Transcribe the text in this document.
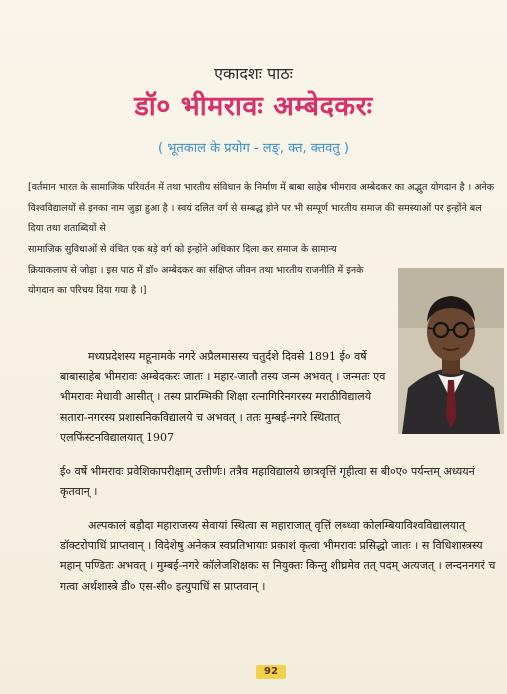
एकादशः पाठः
डॉ० भीमरावः अम्बेदकरः
( भूतकाल के प्रयोग - लङ्, क्त, क्तवतु )
[वर्तमान भारत के सामाजिक परिवर्तन में तथा भारतीय संविधान के निर्माण में बाबा साहेब भीमराव अम्बेदकर का अद्भुत योगदान है । अनेक विश्वविद्यालयों से इनका नाम जुड़ा हुआ है । स्वयं दलित वर्ग से सम्बद्ध होने पर भी सम्पूर्ण भारतीय समाज की समस्याओं पर इन्होंने बल दिया तथा शताब्दियों से
सामाजिक सुविधाओं से वंचित एक बड़े वर्ग को इन्होंने अधिकार दिला कर समाज के सामान्य क्रियाकलाप से जोड़ा । इस पाठ में डॉ० अम्बेदकर का संक्षिप्त जीवन तथा भारतीय राजनीति में इनके योगदान का परिचय दिया गया है ।]
मध्यप्रदेशस्य महूनामके नगरे अप्रैलमासस्य चतुर्दशे दिवसे 1891 ई० वर्षे बाबासाहेब भीमरावः अम्बेदकरः जातः । महार-जातौ तस्य जन्म अभवत् । जन्मतः एव भीमरावः मेधावी आसीत् । तस्य प्रारम्भिकी शिक्षा रत्नागिरिनगरस्य मराठीविद्यालये सतारा-नगरस्य प्रशासनिकविद्यालये च अभवत् । ततः मुम्बई-नगरे स्थितात् एलफिंस्टनविद्यालयात् 1907
ई० वर्षे भीमरावः प्रवेशिकापरीक्षाम् उत्तीर्णः। तत्रैव महाविद्यालये छात्रवृत्तिं गृहीत्वा स बी०ए० पर्यन्तम् अध्ययनं कृतवान् ।
अल्पकालं बड़ौदा महाराजस्य सेवायां स्थित्वा स महाराजात् वृत्तिं लब्ध्वा कोलम्बियाविश्वविद्यालयात् डॉक्टरोपाधिं प्राप्तवान् । विदेशेषु अनेकत्र स्वप्रतिभायाः प्रकाशं कृत्वा भीमरावः प्रसिद्धो जातः । स विधिशास्त्रस्य महान् पण्डितः अभवत् । मुम्बई-नगरे कॉलेजशिक्षकः स नियुक्तः किन्तु शीघ्रमेव तत् पदम् अत्यजत् । लन्दननगरं च गत्वा अर्थशास्त्रे डी० एस-सी० इत्युपाधिं स प्राप्तवान् ।
92
